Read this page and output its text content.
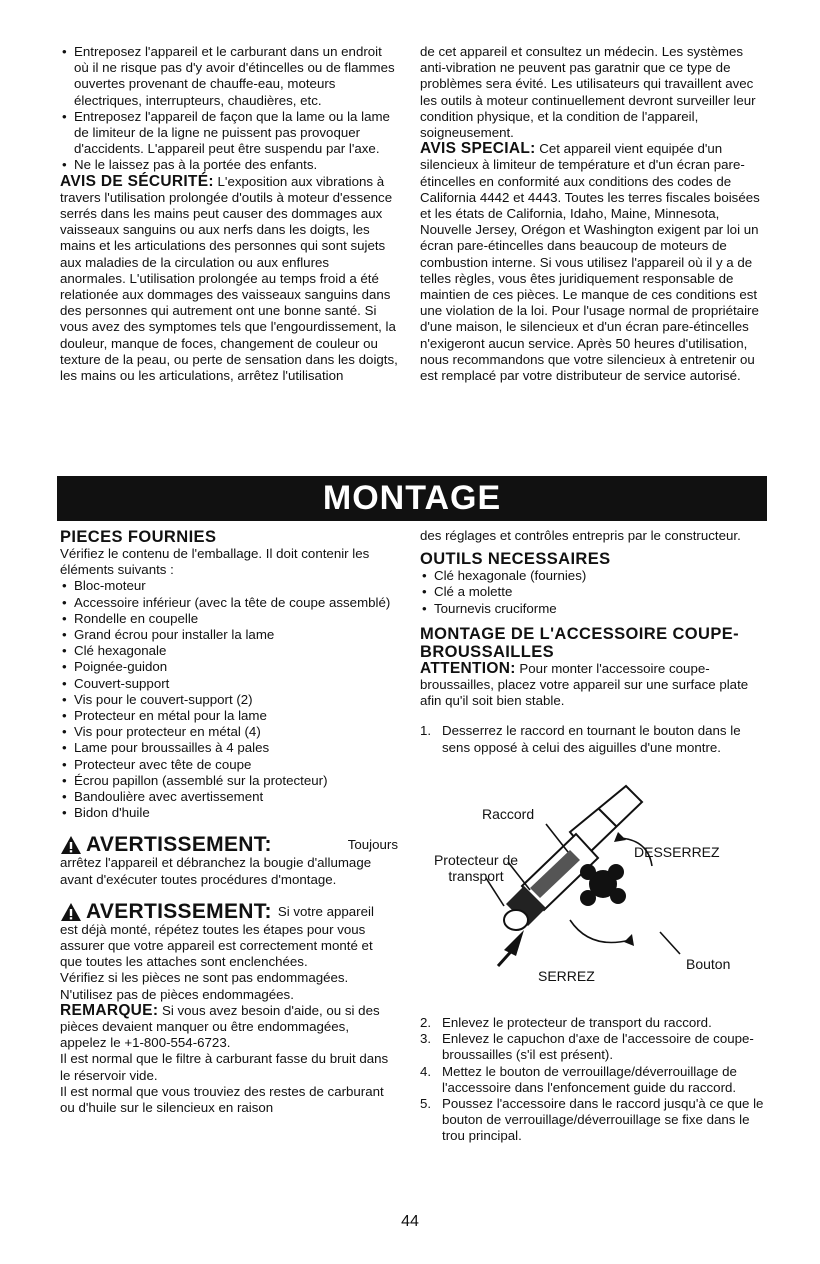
• Entreposez l'appareil et le carburant dans un endroit où il ne risque pas d'y avoir d'étincelles ou de flammes ouvertes provenant de chauffe-eau, moteurs électriques, interrupteurs, chaudières, etc.
• Entreposez l'appareil de façon que la lame ou la lame de limiteur de la ligne ne puissent pas provoquer d'accidents. L'appareil peut être suspendu par l'axe.
• Ne le laissez pas à la portée des enfants.

AVIS DE SÉCURITÉ: L'exposition aux vibrations à travers l'utilisation prolongée d'outils à moteur d'essence serrés dans les mains peut causer des dommages aux vaisseaux sanguins ou aux nerfs dans les doigts, les mains et les articulations des personnes qui sont sujets aux maladies de la circulation ou aux enflures anormales. L'utilisation prolongée au temps froid a été relationée aux dommages des vaisseaux sanguins dans des personnes qui autrement ont une bonne santé. Si vous avez des symptomes tels que l'engourdissement, la douleur, manque de foces, changement de couleur ou texture de la peau, ou perte de sensation dans les doigts, les mains ou les articulations, arrêtez l'utilisation

de cet appareil et consultez un médecin. Les systèmes anti-vibration ne peuvent pas garatnir que ce type de problèmes sera évité. Les utilisateurs qui travaillent avec les outils à moteur continuellement devront surveiller leur condition physique, et la condition de l'appareil, soigneusement.

AVIS SPECIAL: Cet appareil vient equipée d'un silencieux à limiteur de température et d'un écran pare-étincelles en conformité aux conditions des codes de California 4442 et 4443. Toutes les terres fiscales boisées et les états de California, Idaho, Maine, Minnesota, Nouvelle Jersey, Orégon et Washington exigent par loi un écran pare-étincelles dans beaucoup de moteurs de combustion interne. Si vous utilisez l'appareil où il y a de telles règles, vous êtes juridiquement responsable de maintien de ces pièces. Le manque de ces conditions est une violation de la loi. Pour l'usage normal de propriétaire d'une maison, le silencieux et d'un écran pare-étincelles n'exigeront aucun service. Après 50 heures d'utilisation, nous recommandons que votre silencieux à entretenir ou est remplacé par votre distributeur de service autorisé.

MONTAGE
PIECES FOURNIES

Vérifiez le contenu de l'emballage. Il doit contenir les éléments suivants :

• Bloc-moteur
• Accessoire inférieur (avec la tête de coupe assemblé)
• Rondelle en coupelle
• Grand écrou pour installer la lame
• Clé hexagonale
• Poignée-guidon
• Couvert-support
• Vis pour le couvert-support (2)
• Protecteur en métal pour la lame
• Vis pour protecteur en métal (4)
• Lame pour broussailles à 4 pales
• Protecteur avec tête de coupe
• Écrou papillon (assemblé sur la protecteur)
• Bandoulière avec avertissement
• Bidon d'huile
AVERTISSEMENT:	Toujours

arrêtez l'appareil et débranchez la bougie d'allumage avant d'exécuter toutes procédures d'montage.

AVERTISSEMENT: Si votre appareil

est déjà monté, répétez toutes les étapes pour vous assurer que votre appareil est correctement monté et que toutes les attaches sont enclenchées.

Vérifiez si les pièces ne sont pas endommagées. N'utilisez pas de pièces endommagées.

REMARQUE: Si vous avez besoin d'aide, ou si des pièces devaient manquer ou être endommagées, appelez le +1-800-554-6723.

Il est normal que le filtre à carburant fasse du bruit dans le réservoir vide.

Il est normal que vous trouviez des restes de carburant ou d'huile sur le silencieux en raison

des réglages et contrôles entrepris par le constructeur.

OUTILS NECESSAIRES
• Clé hexagonale (fournies)
• Clé a molette
• Tournevis cruciforme
MONTAGE DE L'ACCESSOIRE COUPE-BROUSSAILLES

ATTENTION: Pour monter l'accessoire coupe-broussailles, placez votre appareil sur une surface plate afin qu'il soit bien stable.

1. Desserrez le raccord en tournant le bouton dans le sens opposé à celui des aiguilles d'une montre.
Raccord
DESSERREZ
Protecteur de transport
SERREZ
Bouton
2. Enlevez le protecteur de transport du raccord.
3. Enlevez le capuchon d'axe de l'accessoire de coupe-broussailles (s'il est présent).
4. Mettez le bouton de verrouillage/déverrouillage de l'accessoire dans l'enfoncement guide du raccord.
5. Poussez l'accessoire dans le raccord jusqu'à ce que le bouton de verrouillage/déverrouillage se fixe dans le trou principal.
44
